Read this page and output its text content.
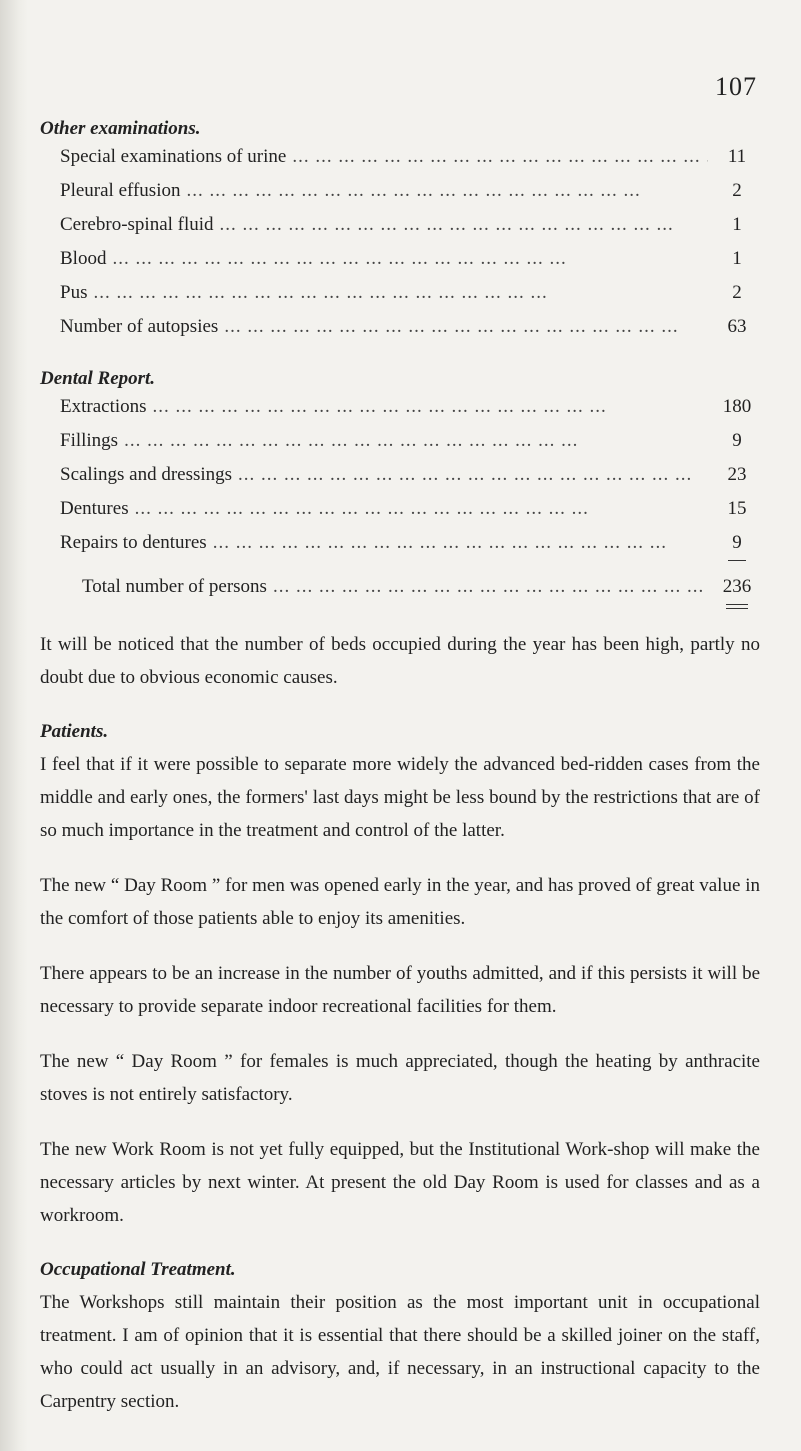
107
Other examinations.
Special examinations of urine ... .	11
Pleural effusion ... .	2
Cerebro-spinal fluid ... .	1
Blood ... .	1
Pus ... .	2
Number of autopsies ... .	63
Dental Report.
Extractions ... .	180
Fillings ... .	9
Scalings and dressings ... .	23
Dentures ... .	15
Repairs to dentures ... .	9
Total number of persons ... .	236

It will be noticed that the number of beds occupied during the year has been high, partly no doubt due to obvious economic causes.

Patients.

I feel that if it were possible to separate more widely the advanced bed-ridden cases from the middle and early ones, the formers' last days might be less bound by the restrictions that are of so much importance in the treatment and control of the latter.

The new “ Day Room ” for men was opened early in the year, and has proved of great value in the comfort of those patients able to enjoy its amenities.

There appears to be an increase in the number of youths admitted, and if this persists it will be necessary to provide separate indoor recreational facilities for them.

The new “ Day Room ” for females is much appreciated, though the heating by anthracite stoves is not entirely satisfactory.

The new Work Room is not yet fully equipped, but the Institutional Work-shop will make the necessary articles by next winter. At present the old Day Room is used for classes and as a workroom.

Occupational Treatment.

The Workshops still maintain their position as the most important unit in occupational treatment. I am of opinion that it is essential that there should be a skilled joiner on the staff, who could act usually in an advisory, and, if necessary, in an instructional capacity to the Carpentry section.
